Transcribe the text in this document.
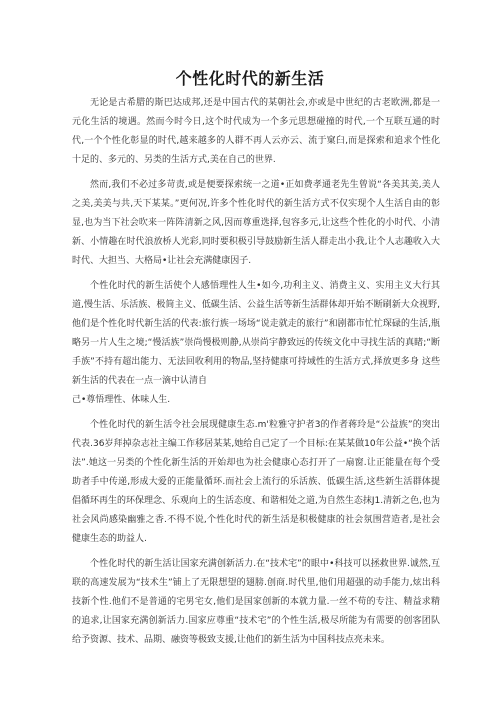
个性化时代的新生活

无论是古希腊的斯巴达成邦,还是中国古代的某朝社会,亦或是中世纪的古老欧洲,都是一元化生活的境遇。然而今时今日,这个时代成为一个多元思想碰撞的时代,一个互联互通的时代,一个个性化彰显的时代,越来越多的人群不再人云亦云、流于窠臼,而是探索和追求个性化十足的、多元的、另类的生活方式,美在自己的世界.

然而,我们不必过多苛责,或是便要探索统一之道•正如费孝通老先生曾说“各美其美,美人之美,美美与共,天下某某。”更何况,许多个性化时代的新生活方式不仅实现个人生活自由的彰显,也为当下社会吹来一阵阵清新之风,因而尊重选择,包容多元,让这些个性化的小时代、小清新、小情趣在时代浪放桥人光彩,同时要积极引导鼓励新生活人群走出小我,让个人志趣收入大时代、大担当、大格局•让社会充满健康因子.

个性化时代的新生活使个人感悟理性人生•如今,功利主义、消费主义、实用主义大行其道,慢生活、乐活族、极简主义、低碳生活、公益生活等新生活群体却开始不断刷新大众视野,他们是个性化时代新生活的代表:旅行族一场场“说走就走的旅行”和剧都市忙忙琛碌的生活,瓶略另一片人生之境;“慢活族”崇尚慢极则静,从崇尚宇静致远的传统文化中寻找生活的真睹;“断手族”不持有超出能力、无法回收利用的物品,坚持健康可持域性的生活方式,择放更多身 这些新生活的代表在一点一滴中认清自

己•尊悟理性、体味人生.

个性化时代的新生活令社会展现健康生态.m'粒雅守护者3的作者蒋玲是“公益族”的突出代表.36岁拜掉杂志社主编工作移居某某,她给自己定了一个目标:在某某做10年公益•“换个活法”.她这一另类的个性化新生活的开始却也为社会健康心态打开了一扇窗.让正能量在每个受助者手中传递,形成大爱的正能量循环.而社会上流行的乐活族、低碳生活,这些新生活群体提倡循环再生的环保理念、乐观向上的生活态度、和谐相处之道,为自然生态抹J1.清新之色,也为社会风尚感染幽雅之香.不得不说,个性化时代的新生活是积极健康的社会氛围营造者,是社会健康生态的助益人.

个性化时代的新生活让国家充满创新活力.在“技术宅”的眼中•科技可以拯救世界.诚然,互联的高速发展为“技术生”铺上了无限想望的翅膀.创商.时代里,他们用超强的动手能力,炫出科技新个性.他们不是普通的宅男宅女,他们是国家创新的本就力量.一丝不苟的专注、精益求精的追求,让国家充满创新活力.国家应尊重“技术宅”的个性生活,极尽所能为有需要的创客团队给予资源、技术、品期、融资等极致支援,让他们的新生活为中国科技点亮未来。
